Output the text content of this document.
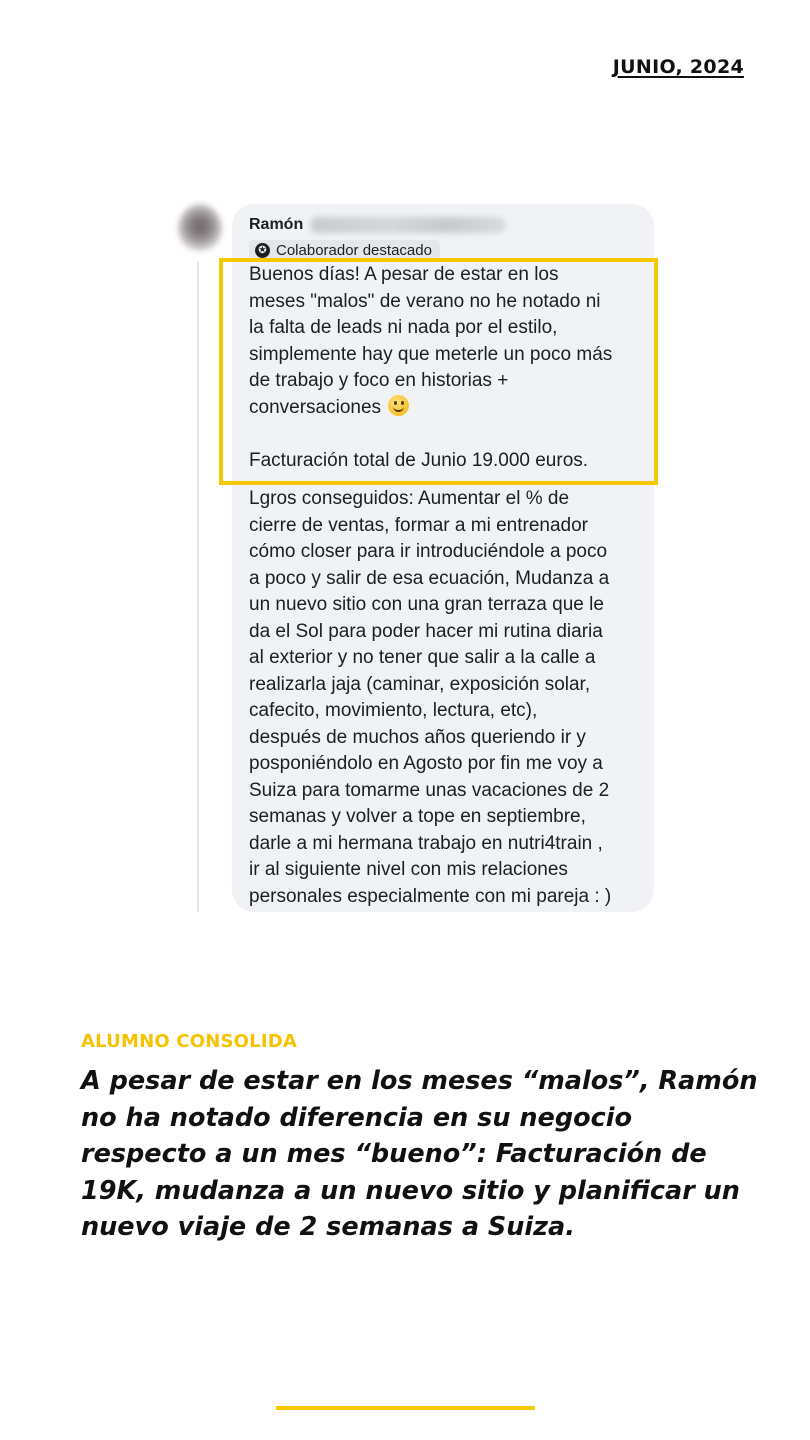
JUNIO, 2024
Ramón
✪ Colaborador destacado
Buenos días! A pesar de estar en los
meses "malos" de verano no he notado ni
la falta de leads ni nada por el estilo,
simplemente hay que meterle un poco más
de trabajo y foco en historias +
conversaciones

Facturación total de Junio 19.000 euros.
Lgros conseguidos: Aumentar el % de
cierre de ventas, formar a mi entrenador
cómo closer para ir introduciéndole a poco
a poco y salir de esa ecuación, Mudanza a
un nuevo sitio con una gran terraza que le
da el Sol para poder hacer mi rutina diaria
al exterior y no tener que salir a la calle a
realizarla jaja (caminar, exposición solar,
cafecito, movimiento, lectura, etc),
después de muchos años queriendo ir y
posponiéndolo en Agosto por fin me voy a
Suiza para tomarme unas vacaciones de 2
semanas y volver a tope en septiembre,
darle a mi hermana trabajo en nutri4train ,
ir al siguiente nivel con mis relaciones
personales especialmente con mi pareja : )
ALUMNO CONSOLIDA
A pesar de estar en los meses “malos”, Ramón no ha notado diferencia en su negocio respecto a un mes “bueno”: Facturación de 19K, mudanza a un nuevo sitio y planificar un nuevo viaje de 2 semanas a Suiza.
